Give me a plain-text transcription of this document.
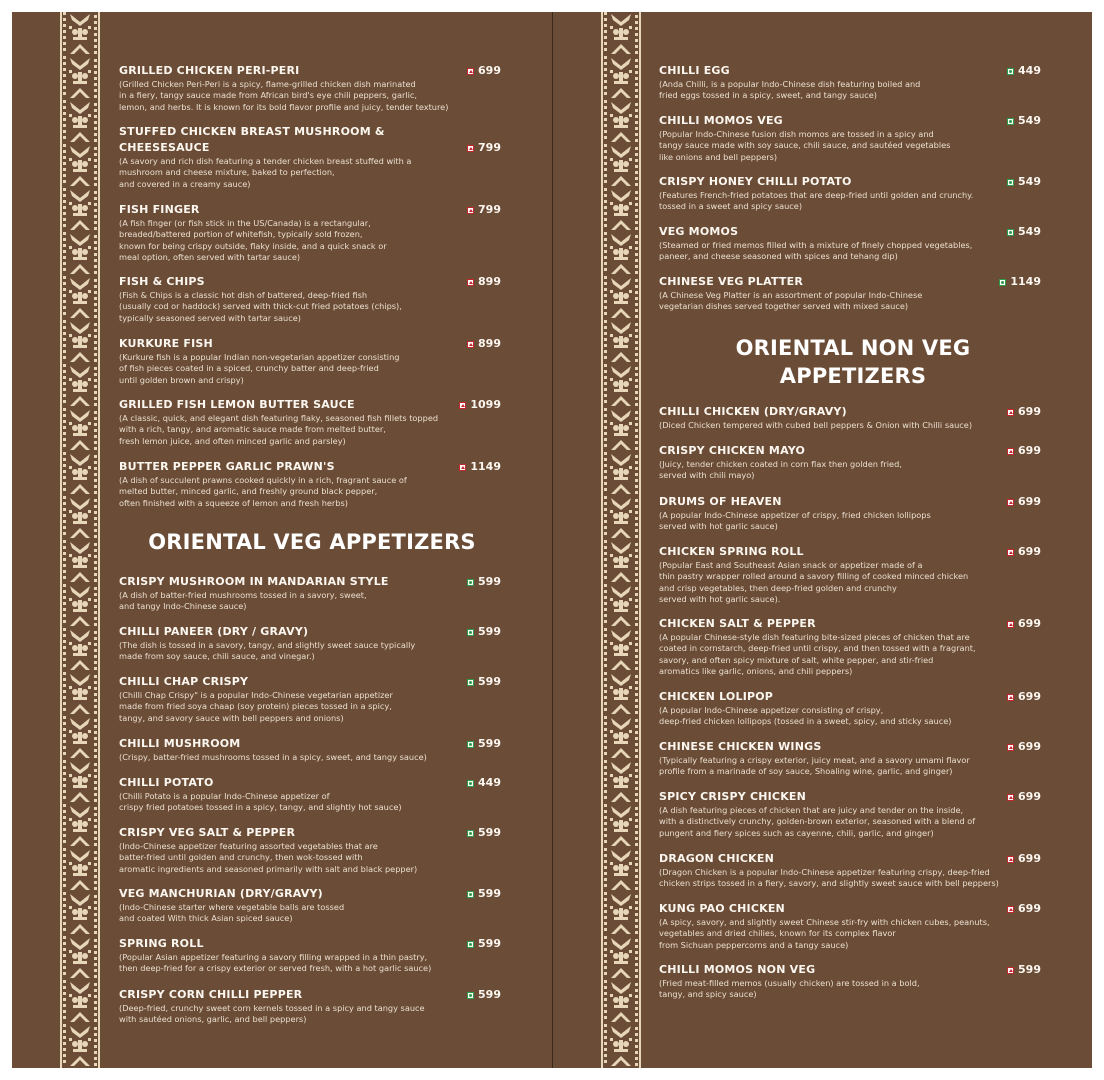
ORIENTAL VEG APPETIZERS
GRILLED CHICKEN PERI-PERI	699
(Grilled Chicken Peri-Peri is a spicy, flame-grilled chicken dish marinated
in a fiery, tangy sauce made from African bird's eye chili peppers, garlic,
lemon, and herbs. It is known for its bold flavor profile and juicy, tender texture)
STUFFED CHICKEN BREAST MUSHROOM &
CHEESESAUCE	799
(A savory and rich dish featuring a tender chicken breast stuffed with a
mushroom and cheese mixture, baked to perfection,
and covered in a creamy sauce)
FISH FINGER	799
(A fish finger (or fish stick in the US/Canada) is a rectangular,
breaded/battered portion of whitefish, typically sold frozen,
known for being crispy outside, flaky inside, and a quick snack or
meal option, often served with tartar sauce)
FISH & CHIPS	899
(Fish & Chips is a classic hot dish of battered, deep-fried fish
(usually cod or haddock) served with thick-cut fried potatoes (chips),
typically seasoned served with tartar sauce)
KURKURE FISH	899
(Kurkure fish is a popular Indian non-vegetarian appetizer consisting
of fish pieces coated in a spiced, crunchy batter and deep-fried
until golden brown and crispy)
GRILLED FISH LEMON BUTTER SAUCE	1099
(A classic, quick, and elegant dish featuring flaky, seasoned fish fillets topped
with a rich, tangy, and aromatic sauce made from melted butter,
fresh lemon juice, and often minced garlic and parsley)
BUTTER PEPPER GARLIC PRAWN'S	1149
(A dish of succulent prawns cooked quickly in a rich, fragrant sauce of
melted butter, minced garlic, and freshly ground black pepper,
often finished with a squeeze of lemon and fresh herbs)
CRISPY MUSHROOM IN MANDARIAN STYLE	599
(A dish of batter-fried mushrooms tossed in a savory, sweet,
and tangy Indo-Chinese sauce)
CHILLI PANEER (DRY / GRAVY)	599
(The dish is tossed in a savory, tangy, and slightly sweet sauce typically
made from soy sauce, chili sauce, and vinegar.)
CHILLI CHAP CRISPY	599
(Chilli Chap Crispy" is a popular Indo-Chinese vegetarian appetizer
made from fried soya chaap (soy protein) pieces tossed in a spicy,
tangy, and savory sauce with bell peppers and onions)
CHILLI MUSHROOM	599
(Crispy, batter-fried mushrooms tossed in a spicy, sweet, and tangy sauce)
CHILLI POTATO	449
(Chilli Potato is a popular Indo-Chinese appetizer of
crispy fried potatoes tossed in a spicy, tangy, and slightly hot sauce)
CRISPY VEG SALT & PEPPER	599
(Indo-Chinese appetizer featuring assorted vegetables that are
batter-fried until golden and crunchy, then wok-tossed with
aromatic ingredients and seasoned primarily with salt and black pepper)
VEG MANCHURIAN (DRY/GRAVY)	599
(Indo-Chinese starter where vegetable balls are tossed
and coated With thick Asian spiced sauce)
SPRING ROLL	599
(Popular Asian appetizer featuring a savory filling wrapped in a thin pastry,
then deep-fried for a crispy exterior or served fresh, with a hot garlic sauce)
CRISPY CORN CHILLI PEPPER	599
(Deep-fried, crunchy sweet corn kernels tossed in a spicy and tangy sauce
with sautéed onions, garlic, and bell peppers)
ORIENTAL NON VEG
APPETIZERS
CHILLI EGG	449
(Anda Chilli, is a popular Indo-Chinese dish featuring boiled and
fried eggs tossed in a spicy, sweet, and tangy sauce)
CHILLI MOMOS VEG	549
(Popular Indo-Chinese fusion dish momos are tossed in a spicy and
tangy sauce made with soy sauce, chili sauce, and sautéed vegetables
like onions and bell peppers)
CRISPY HONEY CHILLI POTATO	549
(Features French-fried potatoes that are deep-fried until golden and crunchy.
tossed in a sweet and spicy sauce)
VEG MOMOS	549
(Steamed or fried memos filled with a mixture of finely chopped vegetables,
paneer, and cheese seasoned with spices and tehang dip)
CHINESE VEG PLATTER	1149
(A Chinese Veg Platter is an assortment of popular Indo-Chinese
vegetarian dishes served together served with mixed sauce)
CHILLI CHICKEN (DRY/GRAVY)	699
(Diced Chicken tempered with cubed bell peppers & Onion with Chilli sauce)
CRISPY CHICKEN MAYO	699
(Juicy, tender chicken coated in corn flax then golden fried,
served with chili mayo)
DRUMS OF HEAVEN	699
(A popular Indo-Chinese appetizer of crispy, fried chicken lollipops
served with hot garlic sauce)
CHICKEN SPRING ROLL	699
(Popular East and Southeast Asian snack or appetizer made of a
thin pastry wrapper rolled around a savory filling of cooked minced chicken
and crisp vegetables, then deep-fried golden and crunchy
served with hot garlic sauce).
CHICKEN SALT & PEPPER	699
(A popular Chinese-style dish featuring bite-sized pieces of chicken that are
coated in cornstarch, deep-fried until crispy, and then tossed with a fragrant,
savory, and often spicy mixture of salt, white pepper, and stir-fried
aromatics like garlic, onions, and chili peppers)
CHICKEN LOLIPOP	699
(A popular Indo-Chinese appetizer consisting of crispy,
deep-fried chicken lollipops (tossed in a sweet, spicy, and sticky sauce)
CHINESE CHICKEN WINGS	699
(Typically featuring a crispy exterior, juicy meat, and a savory umami flavor
profile from a marinade of soy sauce, Shoaling wine, garlic, and ginger)
SPICY CRISPY CHICKEN	699
(A dish featuring pieces of chicken that are juicy and tender on the inside,
with a distinctively crunchy, golden-brown exterior, seasoned with a blend of
pungent and fiery spices such as cayenne, chili, garlic, and ginger)
DRAGON CHICKEN	699
(Dragon Chicken is a popular Indo-Chinese appetizer featuring crispy, deep-fried
chicken strips tossed in a fiery, savory, and slightly sweet sauce with bell peppers)
KUNG PAO CHICKEN	699
(A spicy, savory, and slightly sweet Chinese stir-fry with chicken cubes, peanuts,
vegetables and dried chilies, known for its complex flavor
from Sichuan peppercorns and a tangy sauce)
CHILLI MOMOS NON VEG	599
(Fried meat-filled memos (usually chicken) are tossed in a bold,
tangy, and spicy sauce)
